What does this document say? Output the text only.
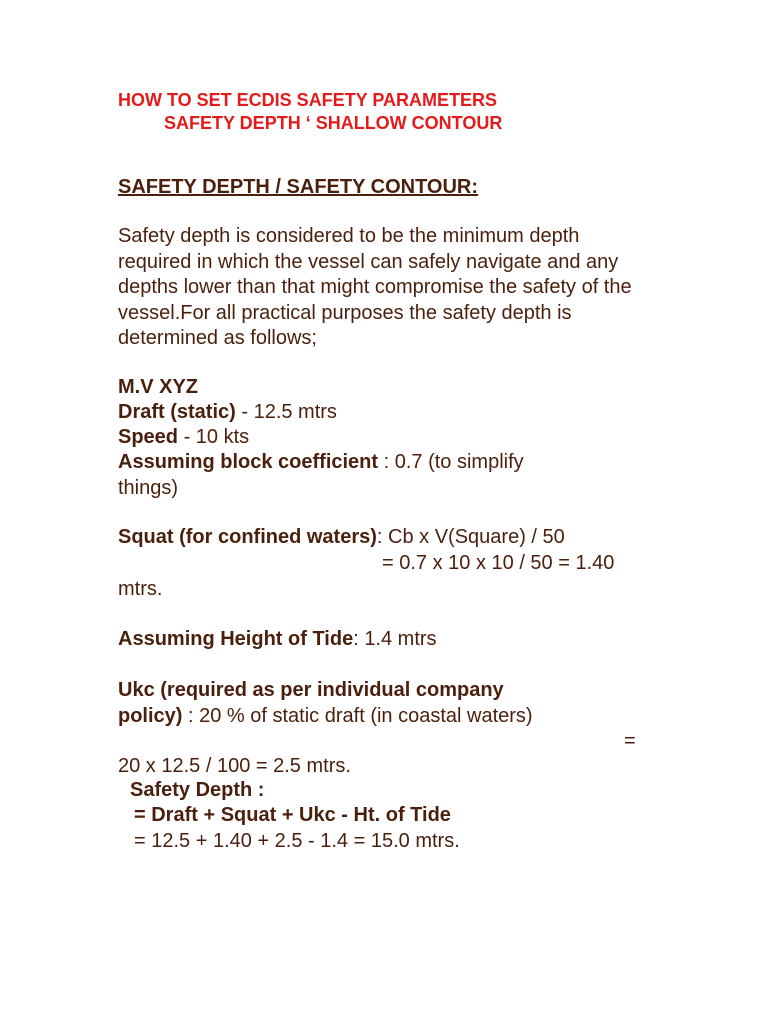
HOW TO SET ECDIS SAFETY PARAMETERS
SAFETY DEPTH ‘ SHALLOW CONTOUR
SAFETY DEPTH / SAFETY CONTOUR:
Safety depth is considered to be the minimum depth required in which the vessel can safely navigate and any depths lower than that might compromise the safety of the vessel.For all practical purposes the safety depth is determined as follows;
M.V XYZ
Draft (static) - 12.5 mtrs
Speed - 10 kts
Assuming block coefficient : 0.7 (to simplify
things)
Squat (for confined waters): Cb x V(Square) / 50
= 0.7 x 10 x 10 / 50 = 1.40
mtrs.
Assuming Height of Tide: 1.4 mtrs
Ukc (required as per individual company
policy) : 20 % of static draft (in coastal waters)
=
20 x 12.5 / 100 = 2.5 mtrs.
Safety Depth :
= Draft + Squat + Ukc - Ht. of Tide
= 12.5 + 1.40 + 2.5 - 1.4 = 15.0 mtrs.
